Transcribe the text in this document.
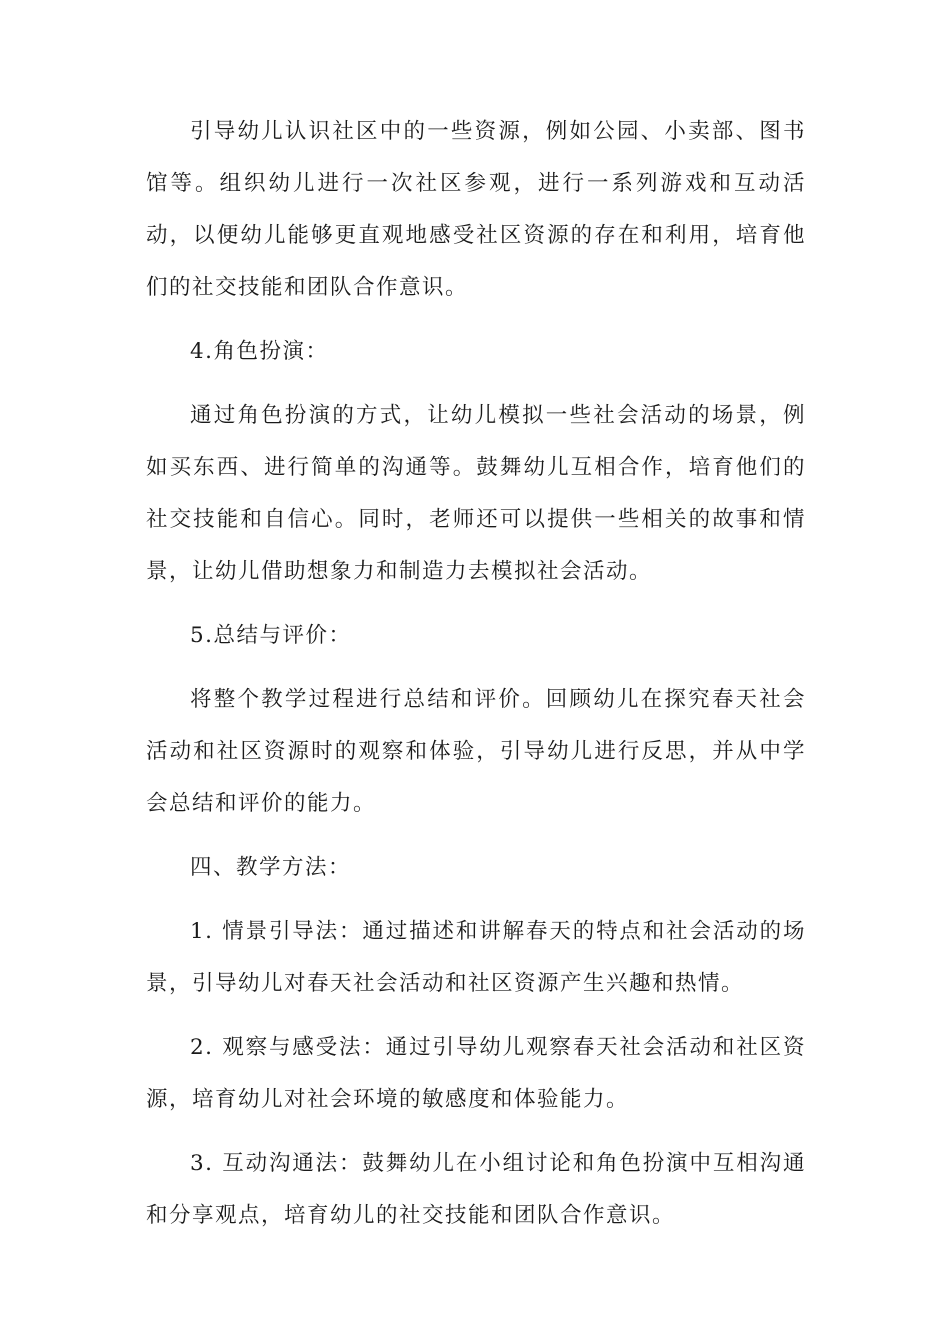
引导幼儿认识社区中的一些资源，例如公园、小卖部、图书馆等。组织幼儿进行一次社区参观，进行一系列游戏和互动活动，以便幼儿能够更直观地感受社区资源的存在和利用，培育他们的社交技能和团队合作意识。

4.角色扮演：

通过角色扮演的方式，让幼儿模拟一些社会活动的场景，例如买东西、进行简单的沟通等。鼓舞幼儿互相合作，培育他们的社交技能和自信心。同时，老师还可以提供一些相关的故事和情景，让幼儿借助想象力和制造力去模拟社会活动。

5.总结与评价：

将整个教学过程进行总结和评价。回顾幼儿在探究春天社会活动和社区资源时的观察和体验，引导幼儿进行反思，并从中学会总结和评价的能力。

四、教学方法：

1. 情景引导法：通过描述和讲解春天的特点和社会活动的场景，引导幼儿对春天社会活动和社区资源产生兴趣和热情。

2. 观察与感受法：通过引导幼儿观察春天社会活动和社区资源，培育幼儿对社会环境的敏感度和体验能力。

3. 互动沟通法：鼓舞幼儿在小组讨论和角色扮演中互相沟通和分享观点，培育幼儿的社交技能和团队合作意识。
